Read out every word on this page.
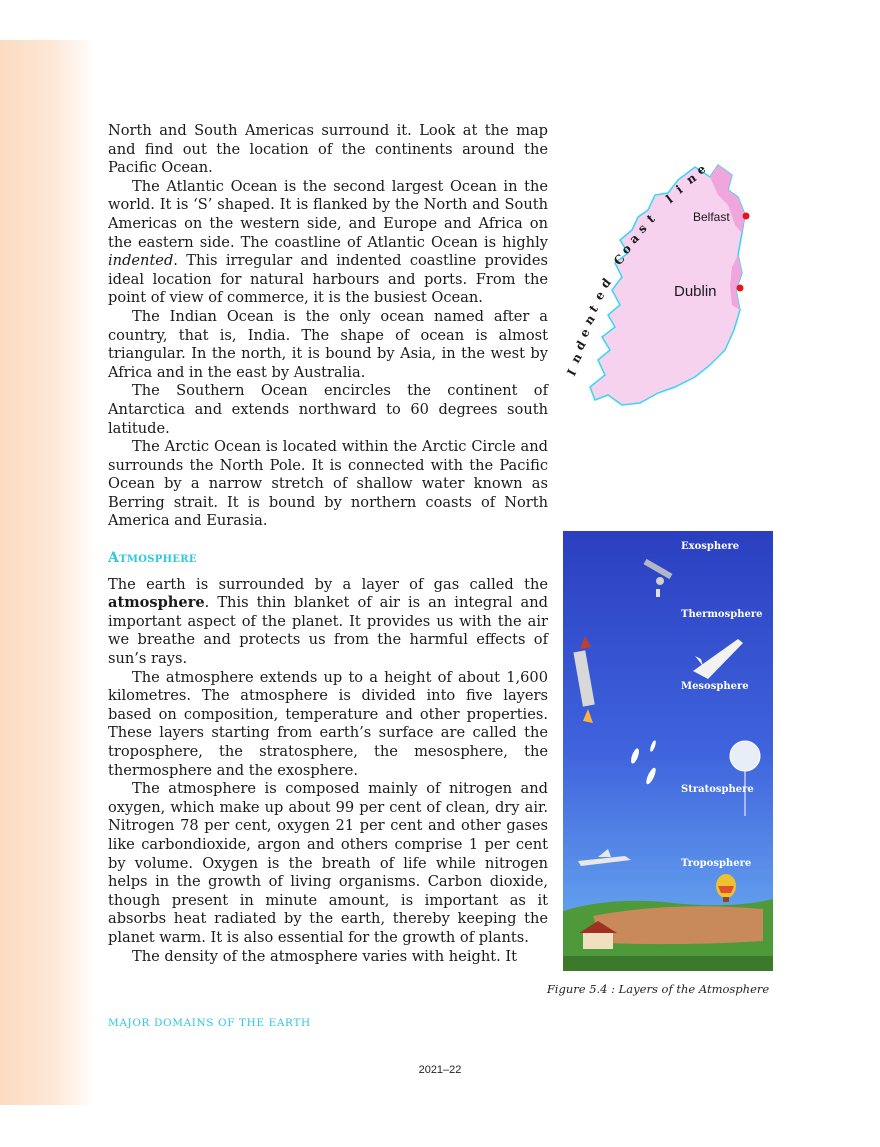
North and South Americas surround it. Look at the map and find out the location of the continents around the Pacific Ocean.

The Atlantic Ocean is the second largest Ocean in the world. It is ‘S’ shaped. It is flanked by the North and South Americas on the western side, and Europe and Africa on the eastern side. The coastline of Atlantic Ocean is highly indented. This irregular and indented coastline provides ideal location for natural harbours and ports. From the point of view of commerce, it is the busiest Ocean.

The Indian Ocean is the only ocean named after a country, that is, India. The shape of ocean is almost triangular. In the north, it is bound by Asia, in the west by Africa and in the east by Australia.

The Southern Ocean encircles the continent of Antarctica and extends northward to 60 degrees south latitude.

The Arctic Ocean is located within the Arctic Circle and surrounds the North Pole. It is connected with the Pacific Ocean by a narrow stretch of shallow water known as Berring strait. It is bound by northern coasts of North America and Eurasia.

Atmosphere

The earth is surrounded by a layer of gas called the atmosphere. This thin blanket of air is an integral and important aspect of the planet. It provides us with the air we breathe and protects us from the harmful effects of sun’s rays.

The atmosphere extends up to a height of about 1,600 kilometres. The atmosphere is divided into five layers based on composition, temperature and other properties. These layers starting from earth’s surface are called the troposphere, the stratosphere, the mesosphere, the thermosphere and the exosphere.

The atmosphere is composed mainly of nitrogen and oxygen, which make up about 99 per cent of clean, dry air. Nitrogen 78 per cent, oxygen 21 per cent and other gases like carbondioxide, argon and others comprise 1 per cent by volume. Oxygen is the breath of life while nitrogen helps in the growth of living organisms. Carbon dioxide, though present in minute amount, is important as it absorbs heat radiated by the earth, thereby keeping the planet warm. It is also essential for the growth of plants.

The density of the atmosphere varies with height. It

Belfast
Dublin
I
n
d
e
n
t
e
d
C
o
a
s
t
l
i
n
e
Exosphere
Thermosphere
Mesosphere
Stratosphere
Troposphere
Figure 5.4 : Layers of the Atmosphere
MAJOR DOMAINS OF THE EARTH
2021–22
